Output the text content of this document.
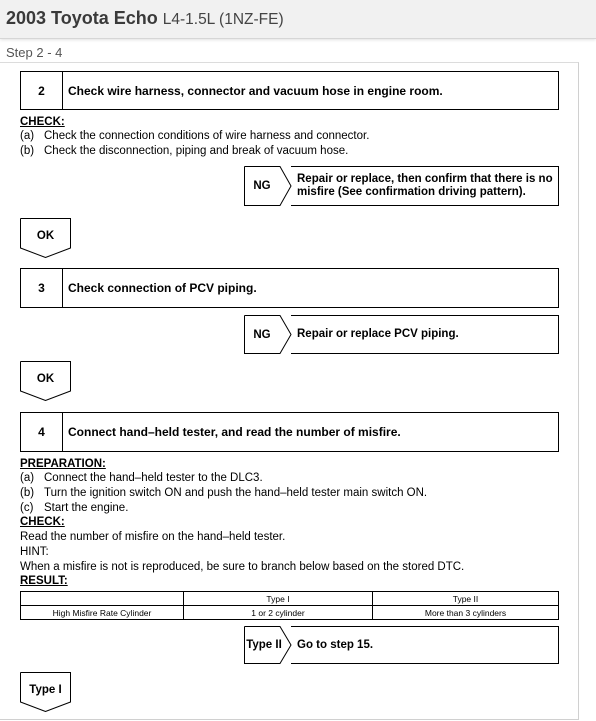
2003 Toyota Echo L4-1.5L (1NZ-FE)
Step 2 - 4
2	Check wire harness, connector and vacuum hose in engine room.
CHECK:
(a) Check the connection conditions of wire harness and connector.
(b) Check the disconnection, piping and break of vacuum hose.
NG
Repair or replace, then confirm that there is no
misfire (See confirmation driving pattern).
OK
3	Check connection of PCV piping.
NG	Repair or replace PCV piping.
OK
4	Connect hand–held tester, and read the number of misfire.
PREPARATION:
(a) Connect the hand–held tester to the DLC3.
(b) Turn the ignition switch ON and push the hand–held tester main switch ON.
(c) Start the engine.
CHECK:
Read the number of misfire on the hand–held tester.
HINT:
When a misfire is not is reproduced, be sure to branch below based on the stored DTC.
RESULT:
	Type I	Type II
High Misfire Rate Cylinder	1 or 2 cylinder	More than 3 cylinders
Type II Go to step 15.
Type I
